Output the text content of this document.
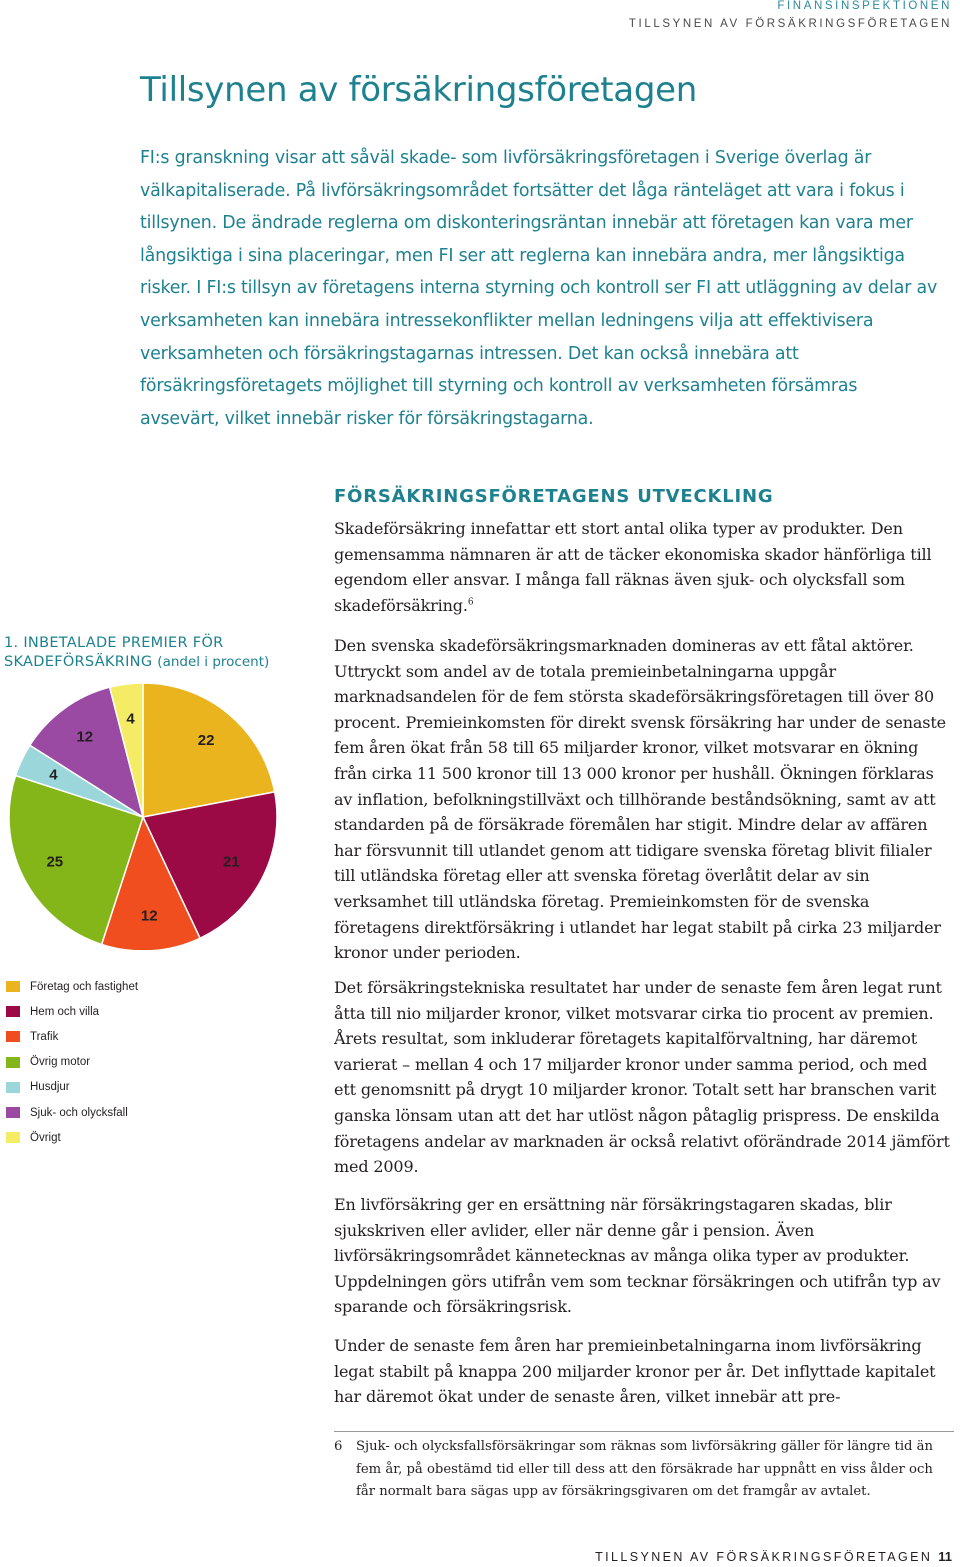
FINANSINSPEKTIONEN
TILLSYNEN AV FÖRSÄKRINGSFÖRETAGEN
Tillsynen av försäkringsföretagen

FI:s granskning visar att såväl skade- som livförsäkringsföretagen i Sverige överlag är välkapitaliserade. På livförsäkringsområdet fortsätter det låga ränteläget att vara i fokus i tillsynen. De ändrade reglerna om diskonteringsräntan innebär att företagen kan vara mer långsiktiga i sina placeringar, men FI ser att reglerna kan innebära andra, mer långsiktiga risker. I FI:s tillsyn av företagens interna styrning och kontroll ser FI att utläggning av delar av verksamheten kan innebära intressekonflikter mellan ledningens vilja att effektivisera verksamheten och försäkringstagarnas intressen. Det kan också innebära att försäkringsföretagets möjlighet till styrning och kontroll av verksamheten försämras avsevärt, vilket innebär risker för försäkringstagarna.

FÖRSÄKRINGSFÖRETAGENS UTVECKLING

Skadeförsäkring innefattar ett stort antal olika typer av produkter. Den gemensamma nämnaren är att de täcker ekonomiska skador hänförliga till egendom eller ansvar. I många fall räknas även sjuk- och olycksfall som skadeförsäkring.$^6$

Den svenska skadeförsäkringsmarknaden domineras av ett fåtal aktörer. Uttryckt som andel av de totala premieinbetalningarna uppgår marknadsandelen för de fem största skadeförsäkringsföretagen till över 80 procent. Premieinkomsten för direkt svensk försäkring har under de senaste fem åren ökat från 58 till 65 miljarder kronor, vilket motsvarar en ökning från cirka 11 500 kronor till 13 000 kronor per hushåll. Ökningen förklaras av inflation, befolkningstillväxt och tillhörande beståndsökning, samt av att standarden på de försäkrade föremålen har stigit. Mindre delar av affären har försvunnit till utlandet genom att tidigare svenska företag blivit filialer till utländska företag eller att svenska företag överlåtit delar av sin verksamhet till utländska företag. Premieinkomsten för de svenska företagens direktförsäkring i utlandet har legat stabilt på cirka 23 miljarder kronor under perioden.

Det försäkringstekniska resultatet har under de senaste fem åren legat runt åtta till nio miljarder kronor, vilket motsvarar cirka tio procent av premien. Årets resultat, som inkluderar företagets kapitalförvaltning, har däremot varierat – mellan 4 och 17 miljarder kronor under samma period, och med ett genomsnitt på drygt 10 miljarder kronor. Totalt sett har branschen varit ganska lönsam utan att det har utlöst någon påtaglig prispress. De enskilda företagens andelar av marknaden är också relativt oförändrade 2014 jämfört med 2009.

En livförsäkring ger en ersättning när försäkringstagaren skadas, blir sjukskriven eller avlider, eller när denne går i pension. Även livförsäkringsområdet kännetecknas av många olika typer av produkter. Uppdelningen görs utifrån vem som tecknar försäkringen och utifrån typ av sparande och försäkringsrisk.

Under de senaste fem åren har premieinbetalningarna inom livförsäkring legat stabilt på knappa 200 miljarder kronor per år. Det inflyttade kapitalet har däremot ökat under de senaste åren, vilket innebär att pre-

6	Sjuk- och olycksfallsförsäkringar som räknas som livförsäkring gäller för längre tid än fem år, på obestämd tid eller till dess att den försäkrade har uppnått en viss ålder och får normalt bara sägas upp av försäkringsgivaren om det framgår av avtalet.
1. INBETALADE PREMIER FÖR SKADEFÖRSÄKRING (andel i procent)
22
21
12
25
4
12
4
Företag och fastighet
Hem och villa
Trafik
Övrig motor
Husdjur
Sjuk- och olycksfall
Övrigt
TILLSYNEN AV FÖRSÄKRINGSFÖRETAGEN 11
